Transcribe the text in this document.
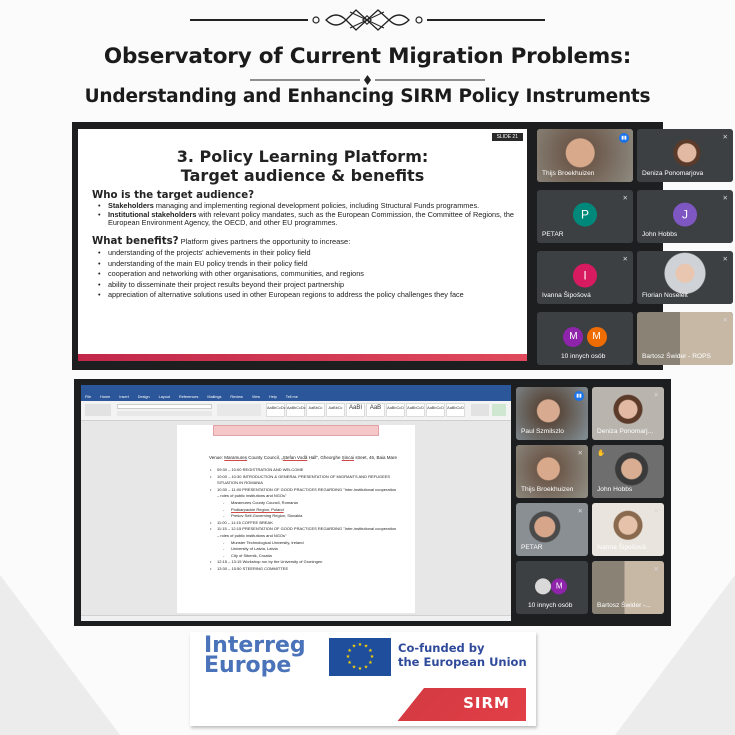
Observatory of Current Migration Problems:
Understanding and Enhancing SIRM Policy Instruments
SLIDE 21
3. Policy Learning Platform:
Target audience & benefits
Who is the target audience?
• Stakeholders managing and implementing regional development policies, including Structural Funds programmes.
• Institutional stakeholders with relevant policy mandates, such as the European Commission, the Committee of Regions, the European Environment Agency, the OECD, and other EU programmes.
What benefits? Platform gives partners the opportunity to increase:
• understanding of the projects' achievements in their policy field
• understanding of the main EU policy trends in their policy field
• cooperation and networking with other organisations, communities, and regions
• ability to disseminate their project results beyond their project partnership
• appreciation of alternative solutions used in other European regions to address the policy challenges they face
▮▮
Thijs Broekhuizen
✕
Deniza Ponomarjova
P
✕
PETAR
J
✕
John Hobbs
I
✕
Ivanna Šipošová
✕
Florian Noseleit
M	M
10 innych osób
✕
Bartosz Świder - ROPS
File Home Insert Design Layout References Mailings Review View Help Tell me
AaBbCcDc AaBbCcDc AaBbCc	AaBbCc	AaBI	AaB	AaBbCcD AaBbCcD AaBbCcD AaBbCcD
Venue: Maramureș County Council, „Ștefan Vodă Hall", Gheorghe Șincai street, 46, Baia Mare
• 09:30 – 10:00 REGISTRATION AND WELCOME
• 10:00 – 10:30 INTRODUCTION & GENERAL PRESENTATION OF MIGRANTS AND REFUGEES
SITUATION IN ROMANIA
• 10:30 – 11:00 PRESENTATION OF GOOD PRACTICES REGARDING "Inter-institutional cooperation
– roles of public institutions and NGOs"
- Maramureș County Council, Romania
- Podkarpackie Region, Poland
- Prešov Self-Governing Region, Slovakia
• 11:00 – 11:15 COFFEE BREAK
• 11:15 – 12:15 PRESENTATION OF GOOD PRACTICES REGARDING "Inter-institutional cooperation
– roles of public institutions and NGOs"
- Munster Technological University, Ireland
- University of Latvia, Latvia
- City of Sibenik, Croatia
• 12:15 – 13:15 Workshop run by the University of Groningen
• 13:30 – 15:50 STEERING COMMITTEE
▮▮
Paul Szmilszlo
✕
Deniza Ponomarj...
✕
Thijs Broekhuizen
✋
John Hobbs
✕
PETAR
✕
Ivanna Šipošová
M
10 innych osób
✕
Bartosz Świder -...
Interreg
Europe
★ ★
★
★
★
★
★
★
★
★
★
★	Co-funded by
the European Union
SIRM
